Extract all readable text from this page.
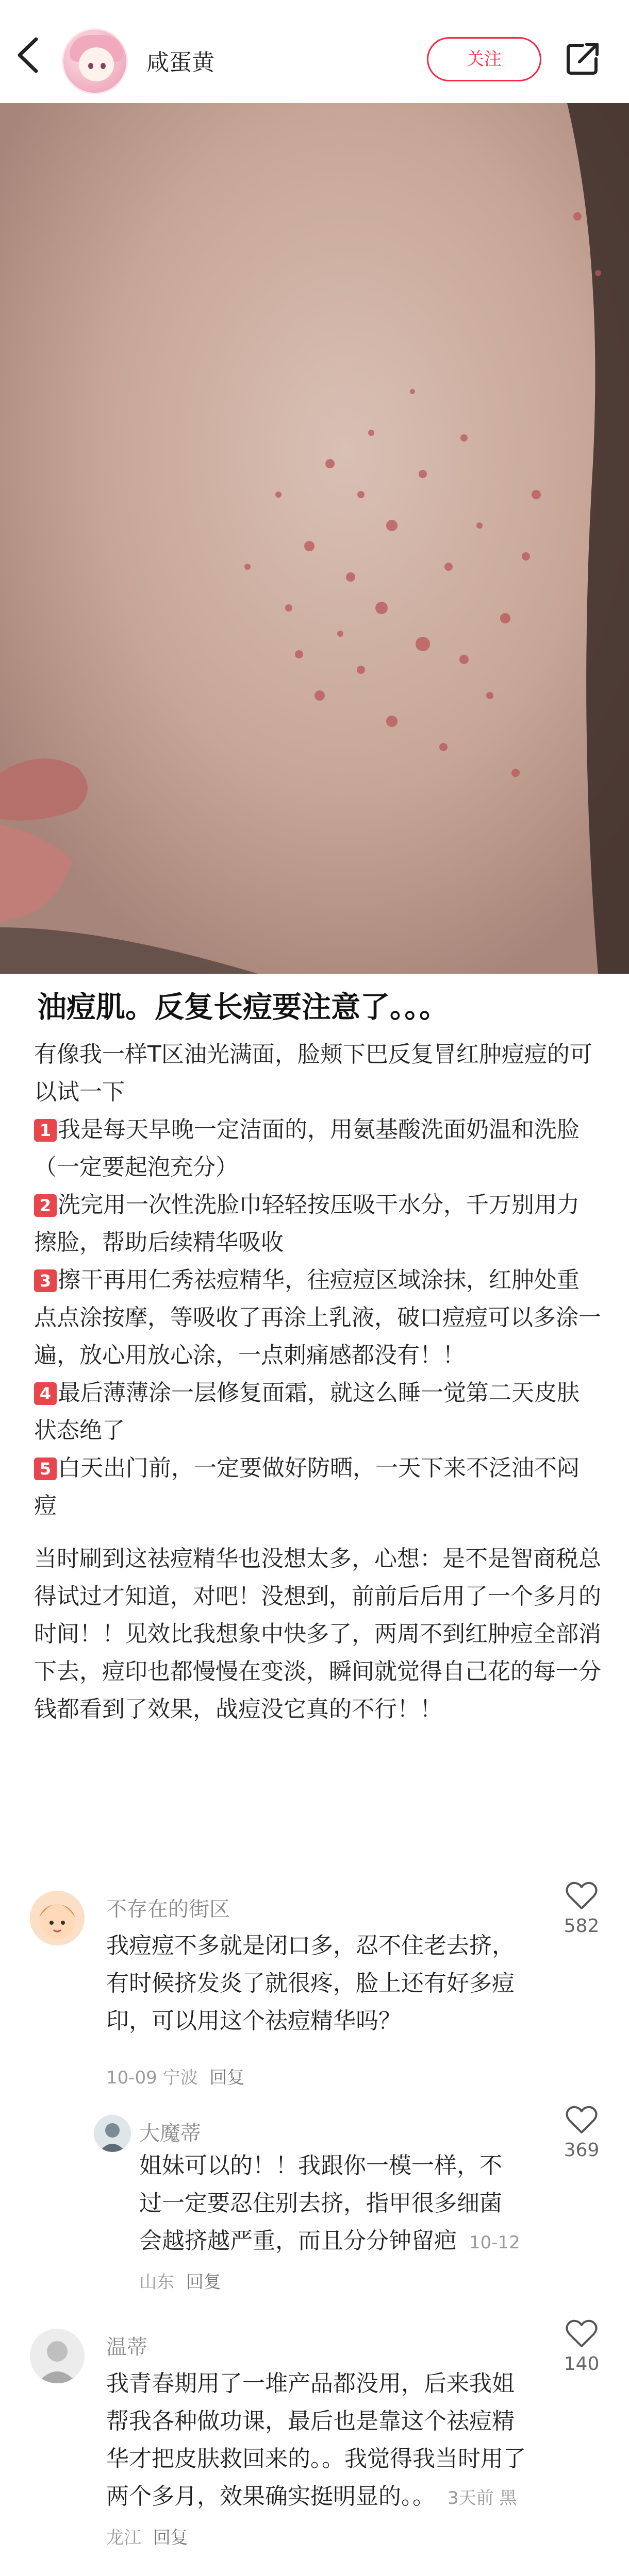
咸蛋黄	关注
油痘肌。反复长痘要注意了。。。

有像我一样T区油光满面，脸颊下巴反复冒红肿痘痘的可以试一下

1 我是每天早晚一定洁面的，用氨基酸洗面奶温和洗脸（一定要起泡充分）

2 洗完用一次性洗脸巾轻轻按压吸干水分，千万别用力擦脸，帮助后续精华吸收

3 擦干再用仁秀祛痘精华，往痘痘区域涂抹，红肿处重点点涂按摩，等吸收了再涂上乳液，破口痘痘可以多涂一遍，放心用放心涂，一点刺痛感都没有！！

4 最后薄薄涂一层修复面霜，就这么睡一觉第二天皮肤状态绝了

5 白天出门前，一定要做好防晒，一天下来不泛油不闷痘

当时刷到这祛痘精华也没想太多，心想：是不是智商税总得试过才知道，对吧！没想到，前前后后用了一个多月的时间！！见效比我想象中快多了，两周不到红肿痘全部消下去，痘印也都慢慢在变淡，瞬间就觉得自己花的每一分钱都看到了效果，战痘没它真的不行！！

不存在的街区
我痘痘不多就是闭口多，忍不住老去挤，有时候挤发炎了就很疼，脸上还有好多痘印，可以用这个祛痘精华吗？
10-09 宁波 回复
582
大魔蒂
姐妹可以的！！我跟你一模一样，不过一定要忍住别去挤，指甲很多细菌会越挤越严重，而且分分钟留疤 10-12 山东 回复
369
温蒂
我青春期用了一堆产品都没用，后来我姐帮我各种做功课，最后也是靠这个祛痘精华才把皮肤救回来的。。我觉得我当时用了两个多月，效果确实挺明显的。。 3天前 黑龙江 回复
140
